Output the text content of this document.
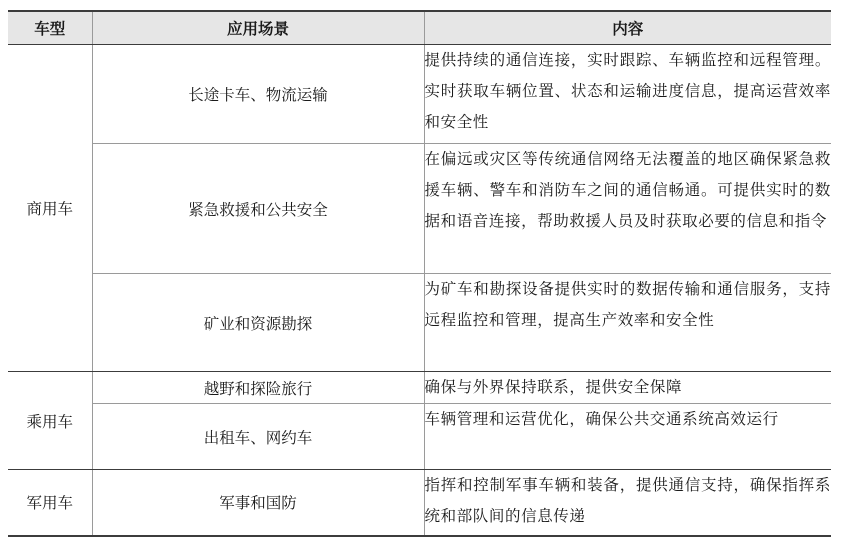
车型	应用场景	内容
商用车	长途卡车、物流运输	提供持续的通信连接，实时跟踪、车辆监控和远程管理。实时获取车辆位置、状态和运输进度信息，提高运营效率和安全性
	紧急救援和公共安全	在偏远或灾区等传统通信网络无法覆盖的地区确保紧急救援车辆、警车和消防车之间的通信畅通。可提供实时的数据和语音连接，帮助救援人员及时获取必要的信息和指令
	矿业和资源勘探	为矿车和勘探设备提供实时的数据传输和通信服务，支持远程监控和管理，提高生产效率和安全性
乘用车	越野和探险旅行	确保与外界保持联系，提供安全保障
	出租车、网约车	车辆管理和运营优化，确保公共交通系统高效运行
军用车	军事和国防	指挥和控制军事车辆和装备，提供通信支持，确保指挥系统和部队间的信息传递
